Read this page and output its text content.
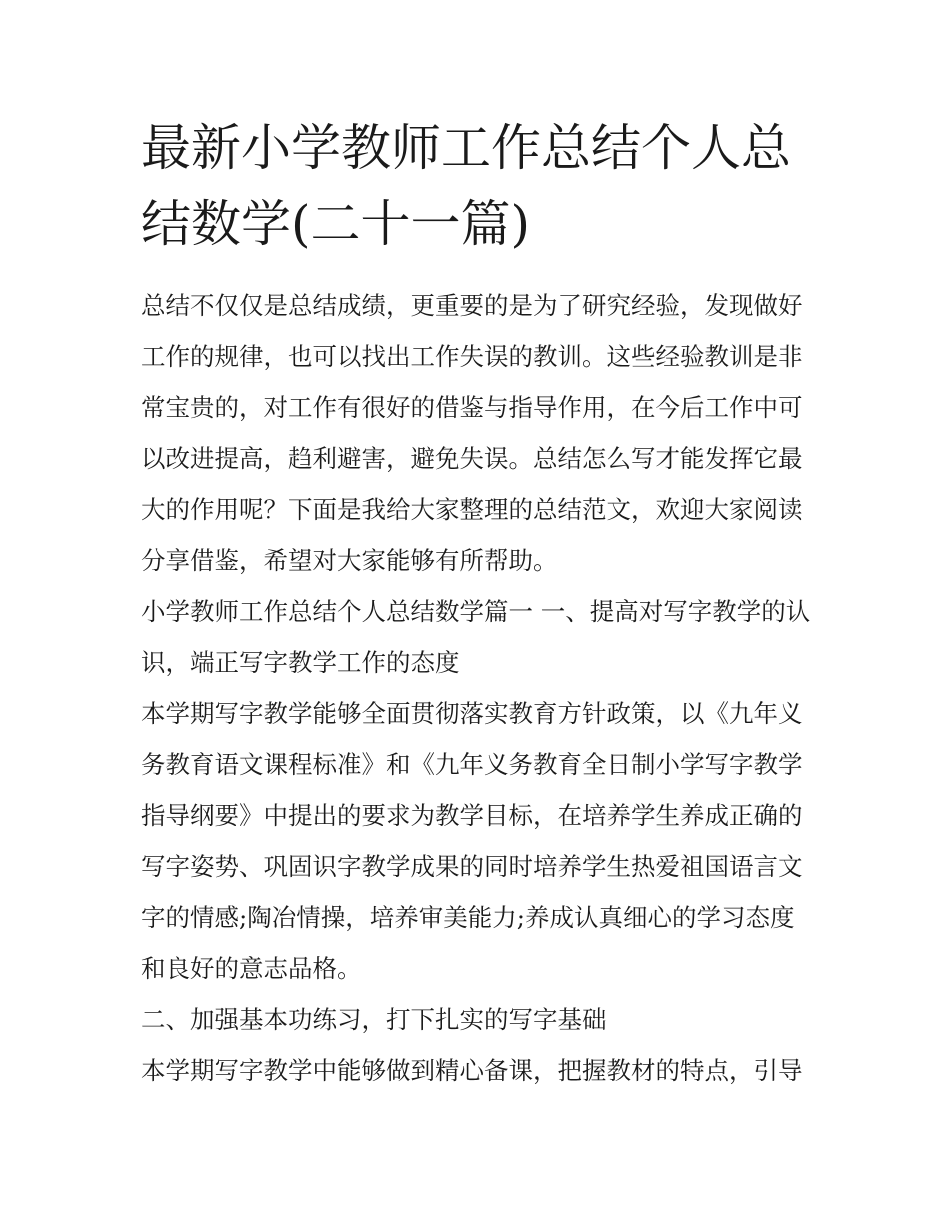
最新小学教师工作总结个人总结数学(二十一篇)

总结不仅仅是总结成绩，更重要的是为了研究经验，发现做好工作的规律，也可以找出工作失误的教训。这些经验教训是非常宝贵的，对工作有很好的借鉴与指导作用，在今后工作中可以改进提高，趋利避害，避免失误。总结怎么写才能发挥它最大的作用呢？下面是我给大家整理的总结范文，欢迎大家阅读分享借鉴，希望对大家能够有所帮助。

小学教师工作总结个人总结数学篇一 一、提高对写字教学的认识，端正写字教学工作的态度

本学期写字教学能够全面贯彻落实教育方针政策，以《九年义务教育语文课程标准》和《九年义务教育全日制小学写字教学指导纲要》中提出的要求为教学目标，在培养学生养成正确的写字姿势、巩固识字教学成果的同时培养学生热爱祖国语言文字的情感;陶冶情操，培养审美能力;养成认真细心的学习态度和良好的意志品格。

二、加强基本功练习，打下扎实的写字基础

本学期写字教学中能够做到精心备课，把握教材的特点，引导
